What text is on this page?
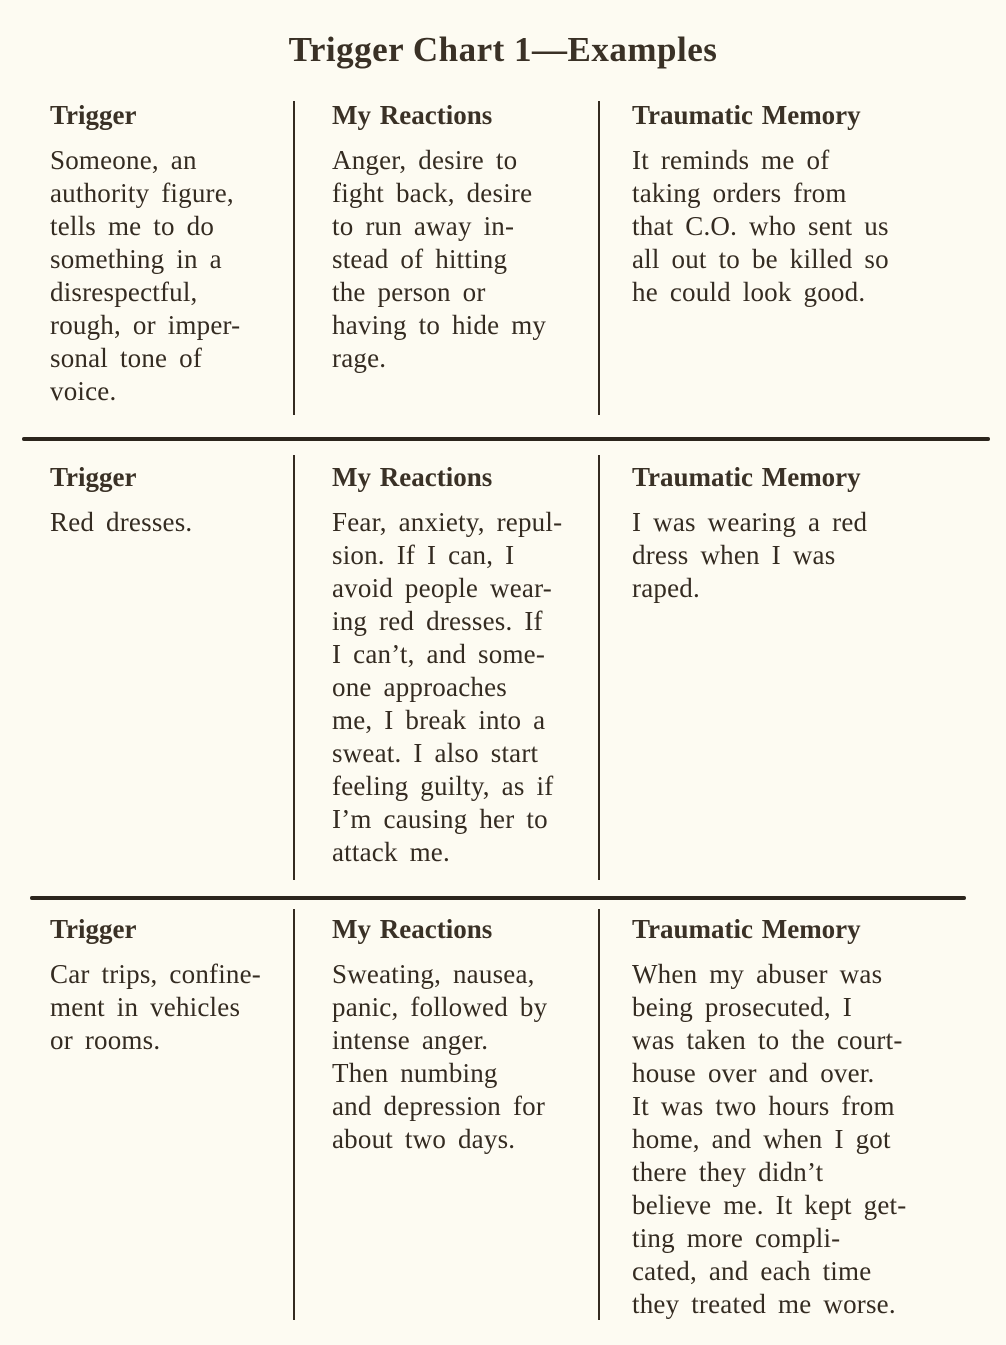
Trigger Chart 1—Examples
Trigger
Someone, an
authority figure,
tells me to do
something in a
disrespectful,
rough, or imper-
sonal tone of
voice.
My Reactions
Anger, desire to
fight back, desire
to run away in-
stead of hitting
the person or
having to hide my
rage.
Traumatic Memory
It reminds me of
taking orders from
that C.O. who sent us
all out to be killed so
he could look good.
Trigger
Red dresses.
My Reactions
Fear, anxiety, repul-
sion. If I can, I
avoid people wear-
ing red dresses. If
I can’t, and some-
one approaches
me, I break into a
sweat. I also start
feeling guilty, as if
I’m causing her to
attack me.
Traumatic Memory
I was wearing a red
dress when I was
raped.
Trigger
Car trips, confine-
ment in vehicles
or rooms.
My Reactions
Sweating, nausea,
panic, followed by
intense anger.
Then numbing
and depression for
about two days.
Traumatic Memory
When my abuser was
being prosecuted, I
was taken to the court-
house over and over.
It was two hours from
home, and when I got
there they didn’t
believe me. It kept get-
ting more compli-
cated, and each time
they treated me worse.
